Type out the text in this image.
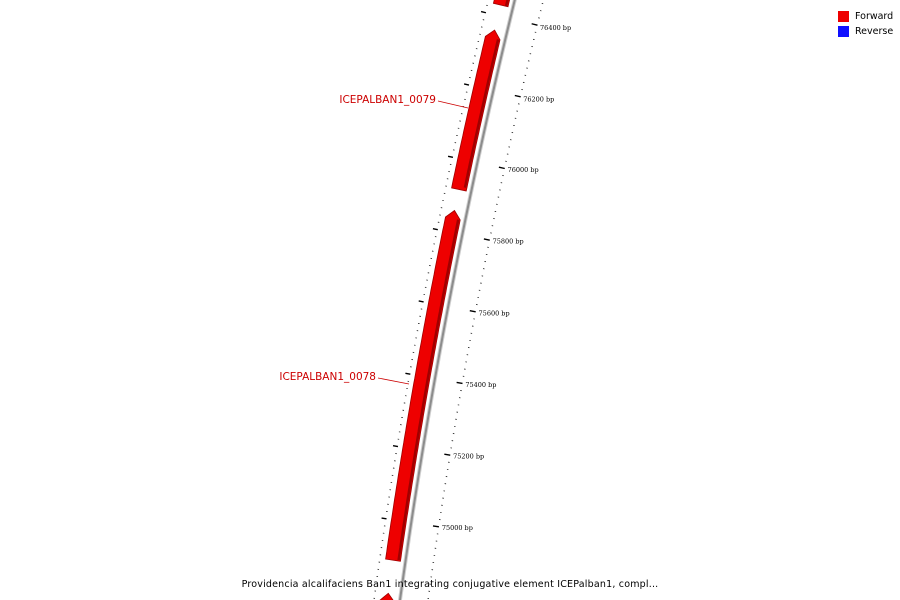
ICEPALBAN1_0079
ICEPALBAN1_0078
76400 bp
76200 bp
76000 bp
75800 bp
75600 bp
75400 bp
75200 bp
75000 bp
Forward
Reverse
Providencia alcalifaciens Ban1 integrating conjugative element ICEPalban1, compl...
